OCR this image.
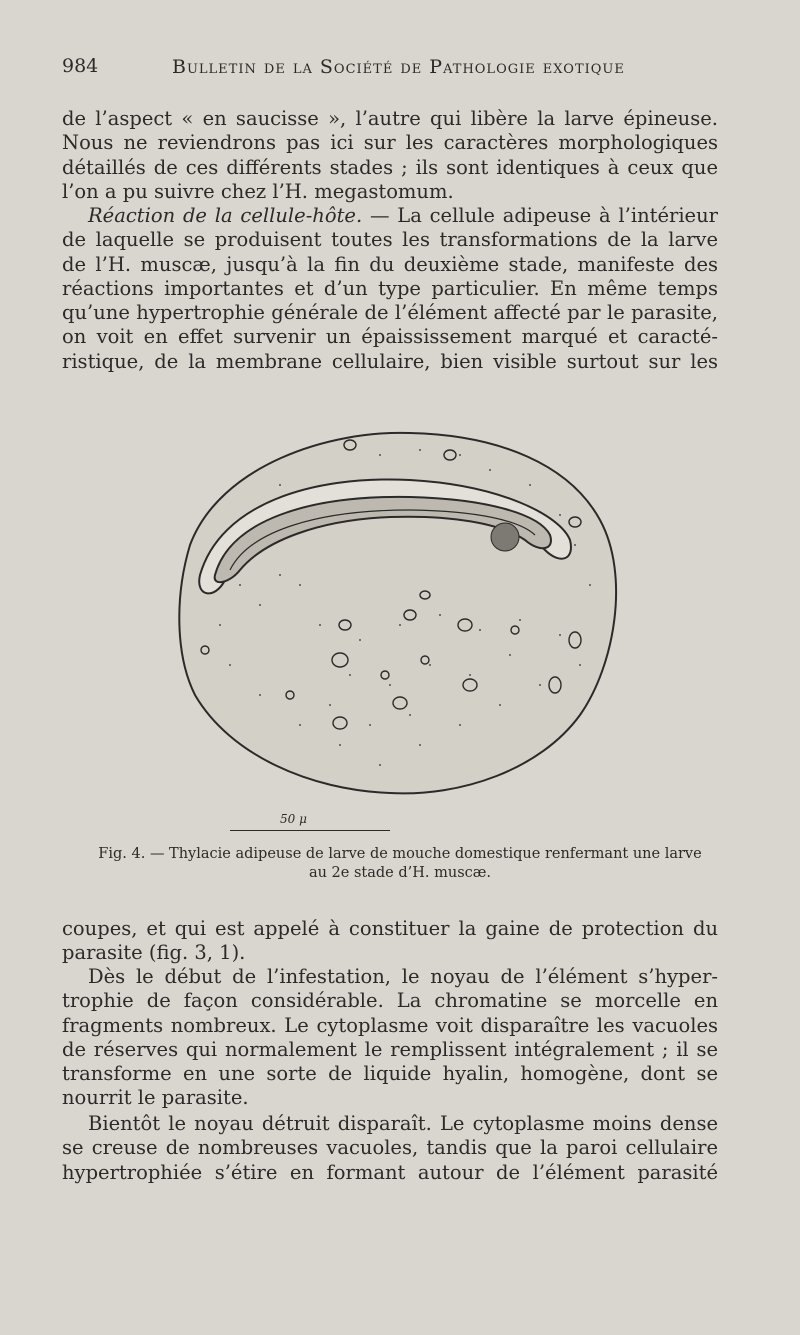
984	Bulletin de la Société de Pathologie exotique
de l’aspect « en saucisse », l’autre qui libère la larve épineuse.
Nous ne reviendrons pas ici sur les caractères morphologiques
détaillés de ces différents stades ; ils sont identiques à ceux que
l’on a pu suivre chez l’H. megastomum.
Réaction de la cellule-hôte. — La cellule adipeuse à l’intérieur
de laquelle se produisent toutes les transformations de la larve
de l’H. muscæ, jusqu’à la fin du deuxième stade, manifeste des
réactions importantes et d’un type particulier. En même temps
qu’une hypertrophie générale de l’élément affecté par le parasite,
on voit en effet survenir un épaississement marqué et caracté-
ristique, de la membrane cellulaire, bien visible surtout sur les
50 μ
Fig. 4. — Thylacie adipeuse de larve de mouche domestique renfermant une larve
au 2e stade d’H. muscæ.
coupes, et qui est appelé à constituer la gaine de protection du
parasite (fig. 3, 1).
Dès le début de l’infestation, le noyau de l’élément s’hyper-
trophie de façon considérable. La chromatine se morcelle en
fragments nombreux. Le cytoplasme voit disparaître les vacuoles
de réserves qui normalement le remplissent intégralement ; il se
transforme en une sorte de liquide hyalin, homogène, dont se
nourrit le parasite.
Bientôt le noyau détruit disparaît. Le cytoplasme moins dense
se creuse de nombreuses vacuoles, tandis que la paroi cellulaire
hypertrophiée s’étire en formant autour de l’élément parasité
